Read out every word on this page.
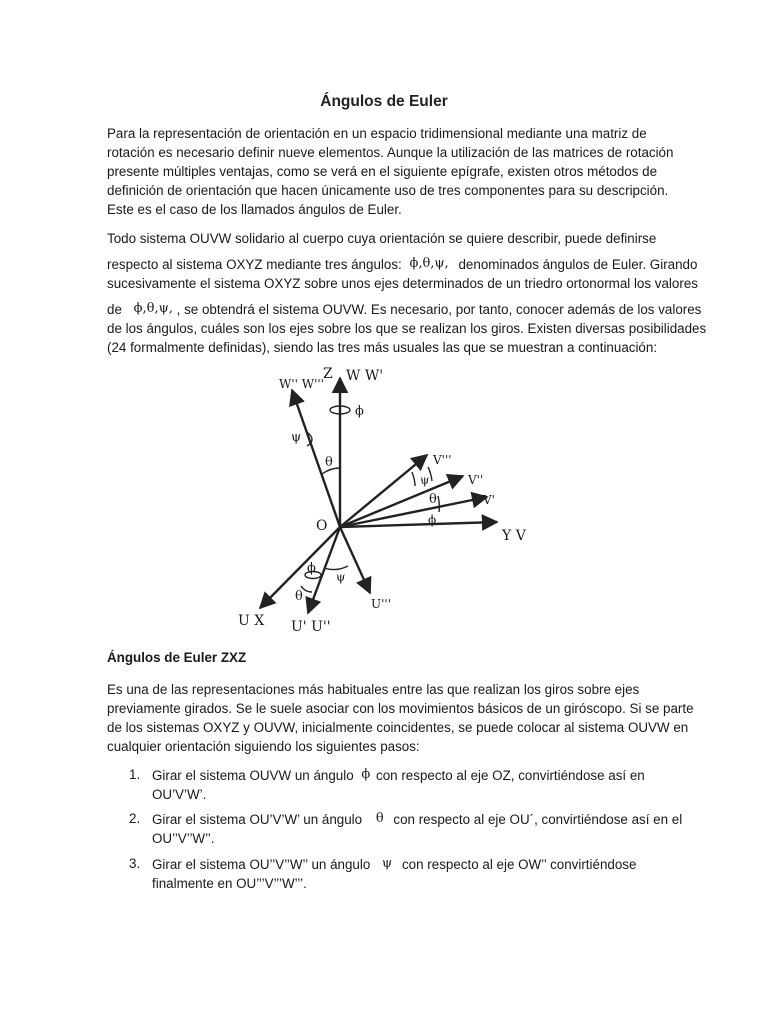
Ángulos de Euler
Para la representación de orientación en un espacio tridimensional mediante una matriz de
rotación es necesario definir nueve elementos. Aunque la utilización de las matrices de rotación
presente múltiples ventajas, como se verá en el siguiente epígrafe, existen otros métodos de
definición de orientación que hacen únicamente uso de tres componentes para su descripción.
Este es el caso de los llamados ángulos de Euler.
Todo sistema OUVW solidario al cuerpo cuya orientación se quiere describir, puede definirse
respecto al sistema OXYZ mediante tres ángulos: ϕ,θ,ψ, denominados ángulos de Euler. Girando
sucesivamente el sistema OXYZ sobre unos ejes determinados de un triedro ortonormal los valores
de ϕ,θ,ψ, , se obtendrá el sistema OUVW. Es necesario, por tanto, conocer además de los valores
de los ángulos, cuáles son los ejes sobre los que se realizan los giros. Existen diversas posibilidades
(24 formalmente definidas), siendo las tres más usuales las que se muestran a continuación:
Z W W'
W'' W'''
O
Y V
U X U' U''
U'''
V'''
V''
V'
ϕ
ψ
θ
ψ
θ
ϕ
ϕ
ψ
θ
Ángulos de Euler ZXZ
Es una de las representaciones más habituales entre las que realizan los giros sobre ejes
previamente girados. Se le suele asociar con los movimientos básicos de un giróscopo. Si se parte
de los sistemas OXYZ y OUVW, inicialmente coincidentes, se puede colocar al sistema OUVW en
cualquier orientación siguiendo los siguientes pasos:
1. Girar el sistema OUVW un ángulo ϕ con respecto al eje OZ, convirtiéndose así en
OU’V’W’.
2. Girar el sistema OU’V’W’ un ángulo θ con respecto al eje OU´, convirtiéndose así en el
OU’’V’’W’’.
3. Girar el sistema OU’’V’’W’’ un ángulo ψ con respecto al eje OW’’ convirtiéndose
finalmente en OU’’’V’’’W’’’.
